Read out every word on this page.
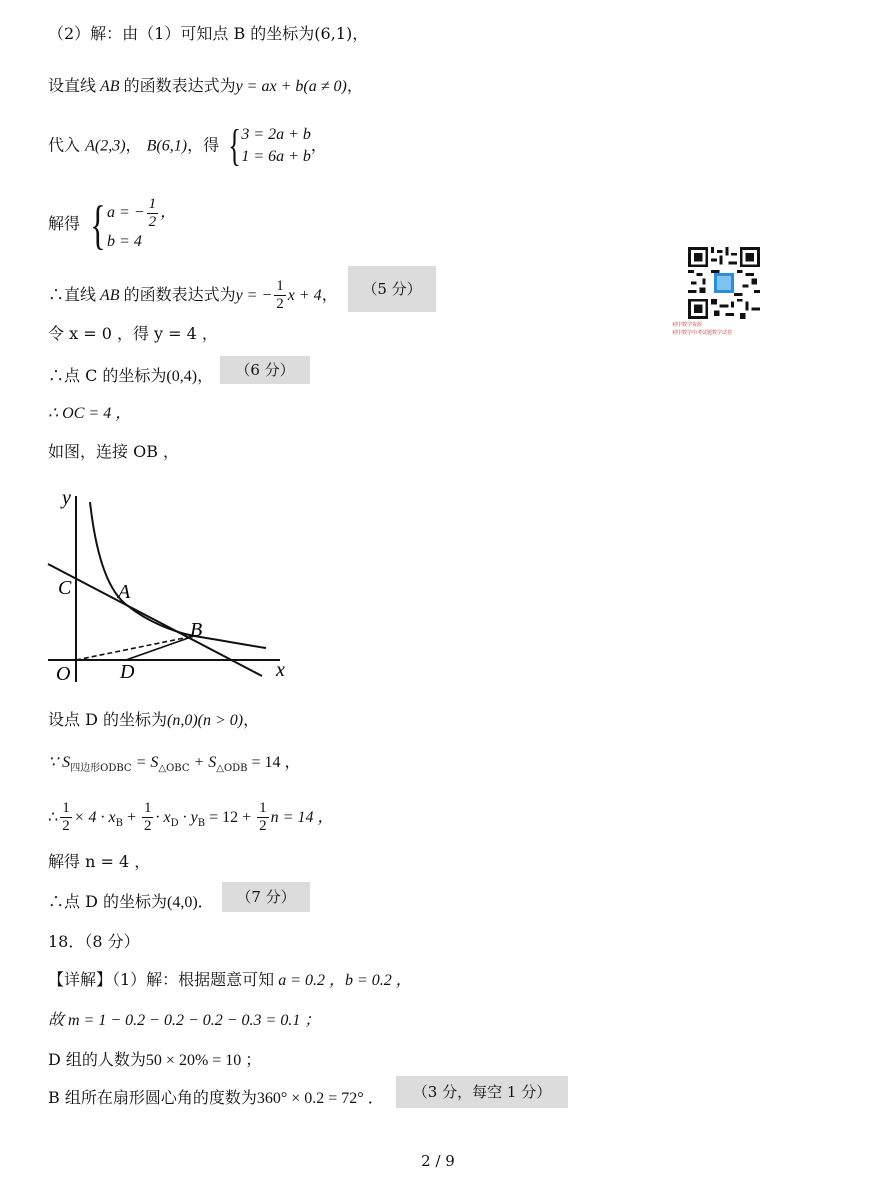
（2）解：由（1）可知点 B 的坐标为(6,1)，
设直线 AB 的函数表达式为y = ax + b(a ≠ 0)，
代入 A(2,3)， B(6,1)，得 { 3 = 2a + b
1 = 6a + b
，
解得 { a = − $\frac{1}{2}$ ，
b = 4
∴直线 AB 的函数表达式为y = − $\frac{1}{2}$ x + 4，	（5 分）
令 x = 0 ，得 y = 4 ，
∴点 C 的坐标为(0,4)，	（6 分）
∴ OC = 4 ，
如图，连接 OB ，
y
x
O
C A
B
D
设点 D 的坐标为(n,0)(n > 0)，
∵ $S_{四边形ODBC} = S_{\triangle OBC} + S_{\triangle ODB} = 14$ ，
∴ $\frac{1}{2} \times 4 \cdot x_B + \frac{1}{2} \cdot x_D \cdot y_B = 12 + \frac{1}{2}$ n = 14 ，
解得 n = 4 ，
∴点 D 的坐标为(4,0)．	（7 分）
18．（8 分）
【详解】（1）解：根据题意可知 a = 0.2 ，b = 0.2 ，
故 m = 1 − 0.2 − 0.2 − 0.2 − 0.3 = 0.1 ；
D 组的人数为50 × 20% = 10 ；
B 组所在扇形圆心角的度数为360° × 0.2 = 72° ．	（3 分，每空 1 分）
初中数学资源
初中数学中考试题数学试卷
2 / 9
